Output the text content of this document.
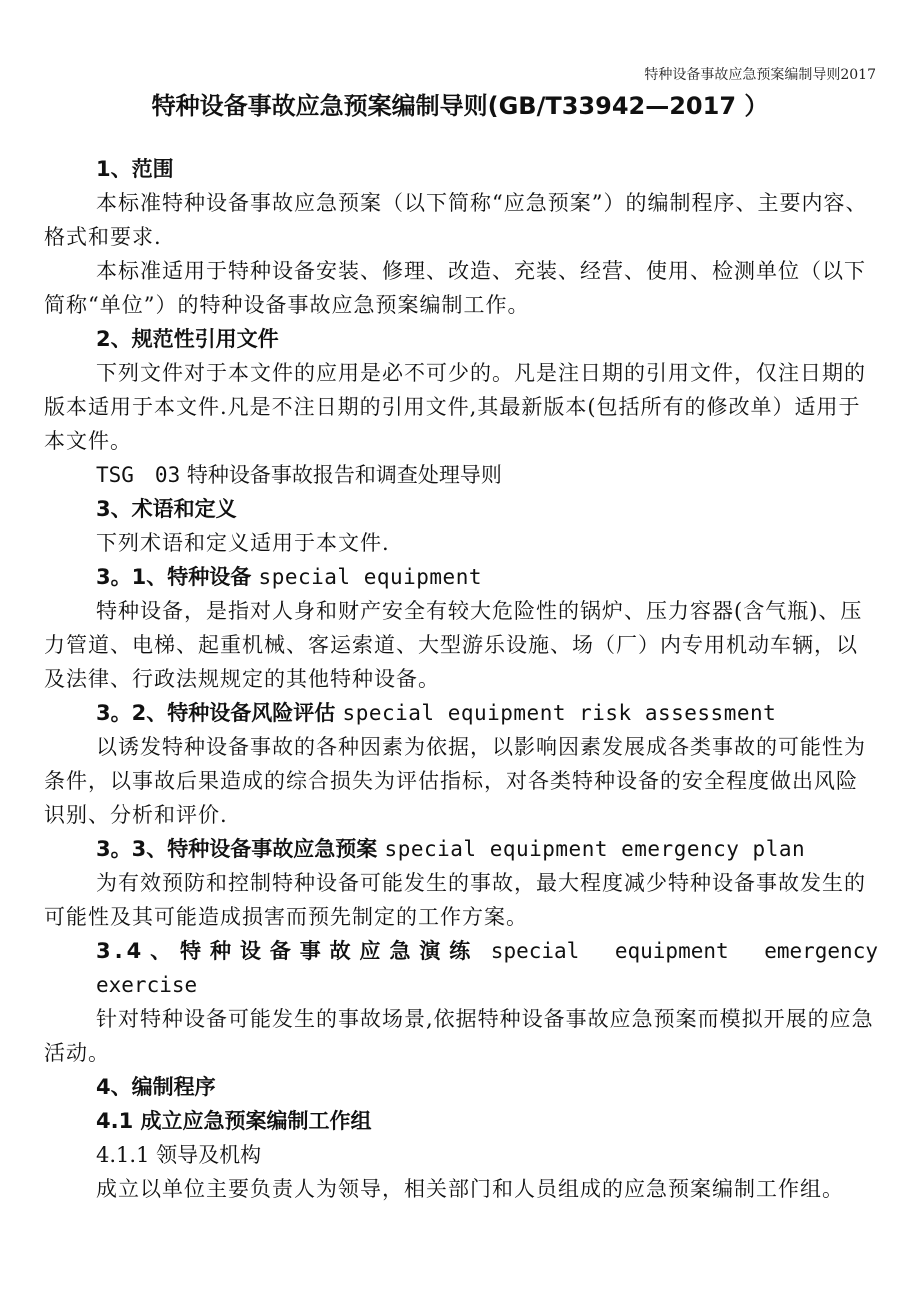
特种设备事故应急预案编制导则2017
特种设备事故应急预案编制导则(GB/T33942—2017 ）

1、范围

本标准特种设备事故应急预案（以下简称“应急预案”）的编制程序、主要内容、格式和要求.

本标准适用于特种设备安装、修理、改造、充装、经营、使用、检测单位（以下简称“单位”）的特种设备事故应急预案编制工作。

2、规范性引用文件

下列文件对于本文件的应用是必不可少的。凡是注日期的引用文件，仅注日期的版本适用于本文件.凡是不注日期的引用文件,其最新版本(包括所有的修改单）适用于本文件。

TSG　03 特种设备事故报告和调查处理导则

3、术语和定义

下列术语和定义适用于本文件.

3。1、特种设备 special equipment

特种设备，是指对人身和财产安全有较大危险性的锅炉、压力容器(含气瓶)、压力管道、电梯、起重机械、客运索道、大型游乐设施、场（厂）内专用机动车辆，以及法律、行政法规规定的其他特种设备。

3。2、特种设备风险评估 special equipment risk assessment

以诱发特种设备事故的各种因素为依据，以影响因素发展成各类事故的可能性为条件，以事故后果造成的综合损失为评估指标，对各类特种设备的安全程度做出风险识别、分析和评价.

3。3、特种设备事故应急预案 special equipment emergency plan

为有效预防和控制特种设备可能发生的事故，最大程度减少特种设备事故发生的可能性及其可能造成损害而预先制定的工作方案。

3.4、特种设备事故应急演练 special equipment emergency exercise

针对特种设备可能发生的事故场景,依据特种设备事故应急预案而模拟开展的应急活动。

4、编制程序

4.1 成立应急预案编制工作组

4.1.1 领导及机构

成立以单位主要负责人为领导，相关部门和人员组成的应急预案编制工作组。
